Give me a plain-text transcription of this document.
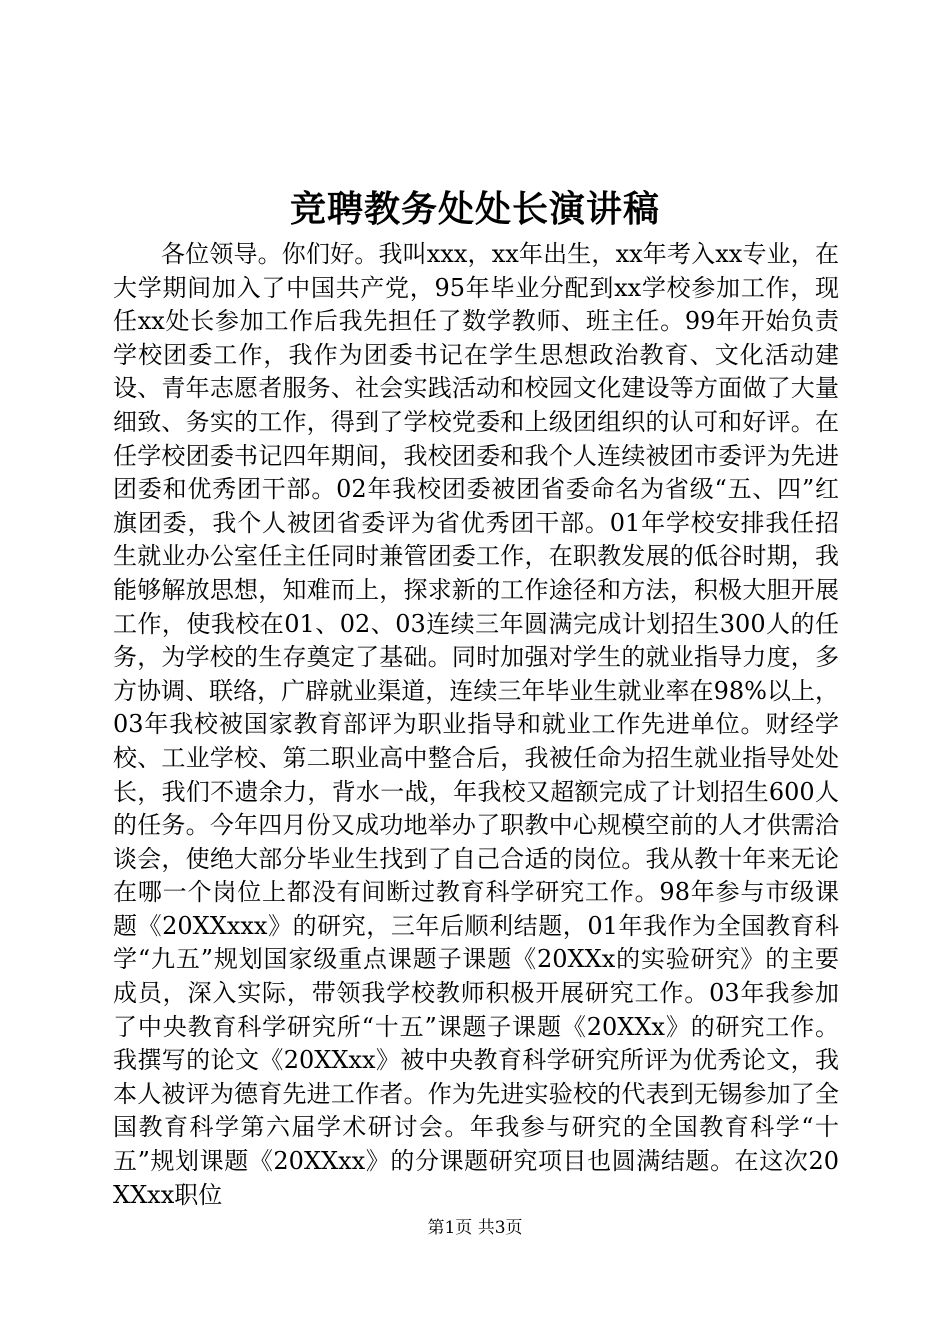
竞聘教务处处长演讲稿

各位领导。你们好。我叫xxx，xx年出生，xx年考入xx专业，在大学期间加入了中国共产党，95年毕业分配到xx学校参加工作，现任xx处长参加工作后我先担任了数学教师、班主任。99年开始负责学校团委工作，我作为团委书记在学生思想政治教育、文化活动建设、青年志愿者服务、社会实践活动和校园文化建设等方面做了大量细致、务实的工作，得到了学校党委和上级团组织的认可和好评。在任学校团委书记四年期间，我校团委和我个人连续被团市委评为先进团委和优秀团干部。02年我校团委被团省委命名为省级“五、四”红旗团委，我个人被团省委评为省优秀团干部。01年学校安排我任招生就业办公室任主任同时兼管团委工作，在职教发展的低谷时期，我能够解放思想，知难而上，探求新的工作途径和方法，积极大胆开展工作，使我校在01、02、03连续三年圆满完成计划招生300人的任务，为学校的生存奠定了基础。同时加强对学生的就业指导力度，多方协调、联络，广辟就业渠道，连续三年毕业生就业率在98%以上，03年我校被国家教育部评为职业指导和就业工作先进单位。财经学校、工业学校、第二职业高中整合后，我被任命为招生就业指导处处长，我们不遗余力，背水一战，年我校又超额完成了计划招生600人的任务。今年四月份又成功地举办了职教中心规模空前的人才供需洽谈会，使绝大部分毕业生找到了自己合适的岗位。我从教十年来无论在哪一个岗位上都没有间断过教育科学研究工作。98年参与市级课题《20XXxxx》的研究，三年后顺利结题，01年我作为全国教育科学“九五”规划国家级重点课题子课题《20XXx的实验研究》的主要成员，深入实际，带领我学校教师积极开展研究工作。03年我参加了中央教育科学研究所“十五”课题子课题《20XXx》的研究工作。我撰写的论文《20XXxx》被中央教育科学研究所评为优秀论文，我本人被评为德育先进工作者。作为先进实验校的代表到无锡参加了全国教育科学第六届学术研讨会。年我参与研究的全国教育科学“十五”规划课题《20XXxx》的分课题研究项目也圆满结题。在这次20XXxx职位

第1页 共3页
